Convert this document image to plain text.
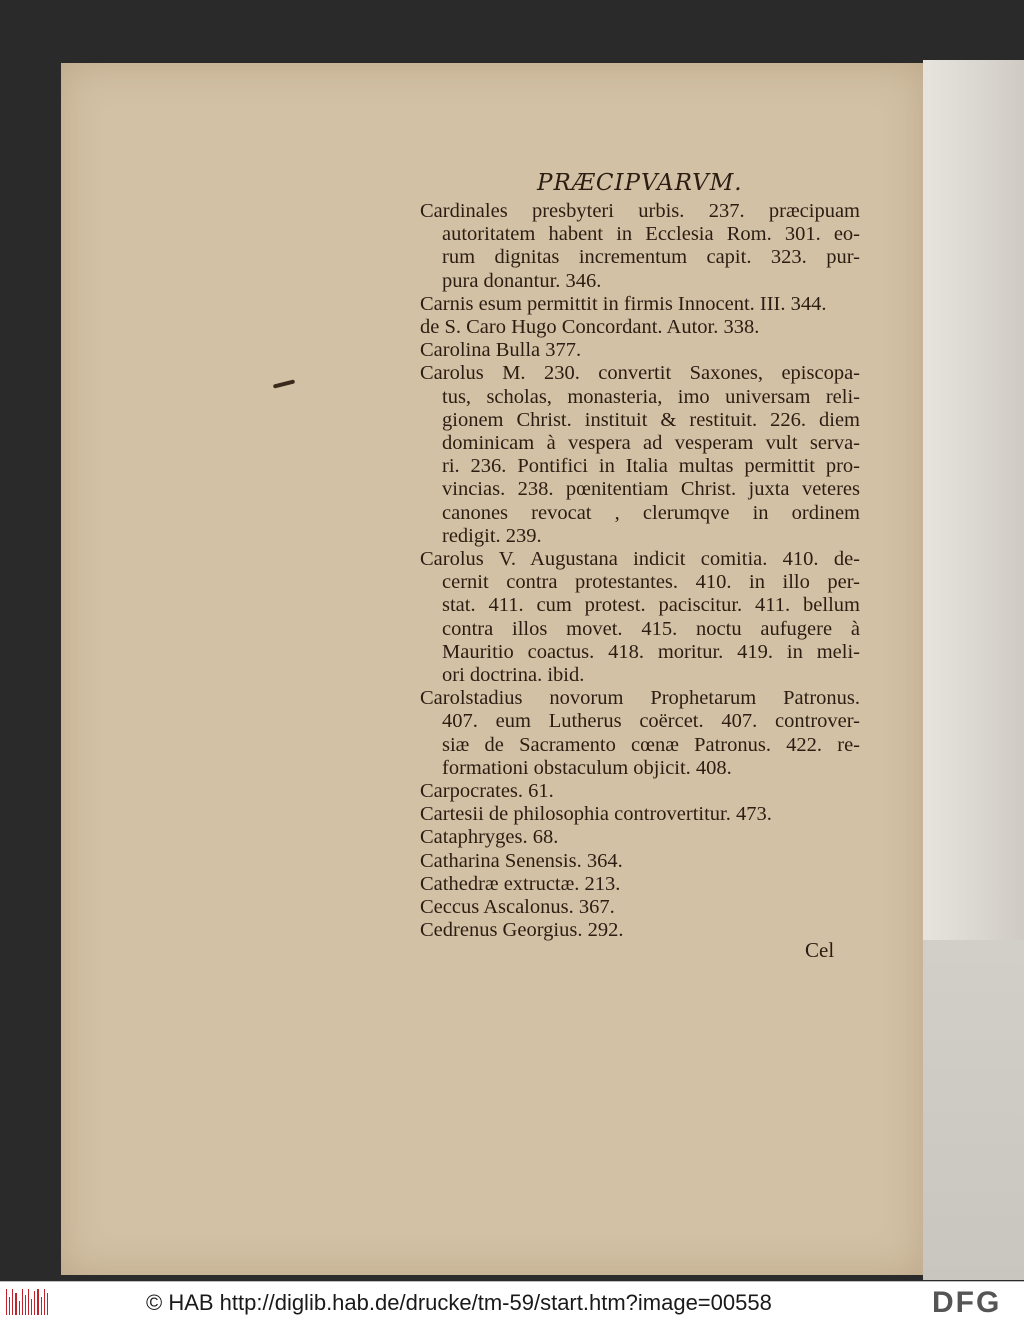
PRÆCIPVARVM.
Cardinales presbyteri urbis. 237. præcipuam
autoritatem habent in Ecclesia Rom. 301. eo-
rum dignitas incrementum capit. 323. pur-
pura donantur. 346.
Carnis esum permittit in firmis Innocent. III. 344.
de S. Caro Hugo Concordant. Autor. 338.
Carolina Bulla 377.
Carolus M. 230. convertit Saxones, episcopa-
tus, scholas, monasteria, imo universam reli-
gionem Christ. instituit & restituit. 226. diem
dominicam à vespera ad vesperam vult serva-
ri. 236. Pontifici in Italia multas permittit pro-
vincias. 238. pœnitentiam Christ. juxta veteres
canones revocat , clerumqve in ordinem
redigit. 239.
Carolus V. Augustana indicit comitia. 410. de-
cernit contra protestantes. 410. in illo per-
stat. 411. cum protest. paciscitur. 411. bellum
contra illos movet. 415. noctu aufugere à
Mauritio coactus. 418. moritur. 419. in meli-
ori doctrina. ibid.
Carolstadius novorum Prophetarum Patronus.
407. eum Lutherus coërcet. 407. controver-
siæ de Sacramento cœnæ Patronus. 422. re-
formationi obstaculum objicit. 408.
Carpocrates. 61.
Cartesii de philosophia controvertitur. 473.
Cataphryges. 68.
Catharina Senensis. 364.
Cathedræ extructæ. 213.
Ceccus Ascalonus. 367.
Cedrenus Georgius. 292.
Cel
© HAB http://diglib.hab.de/drucke/tm-59/start.htm?image=00558	DFG
